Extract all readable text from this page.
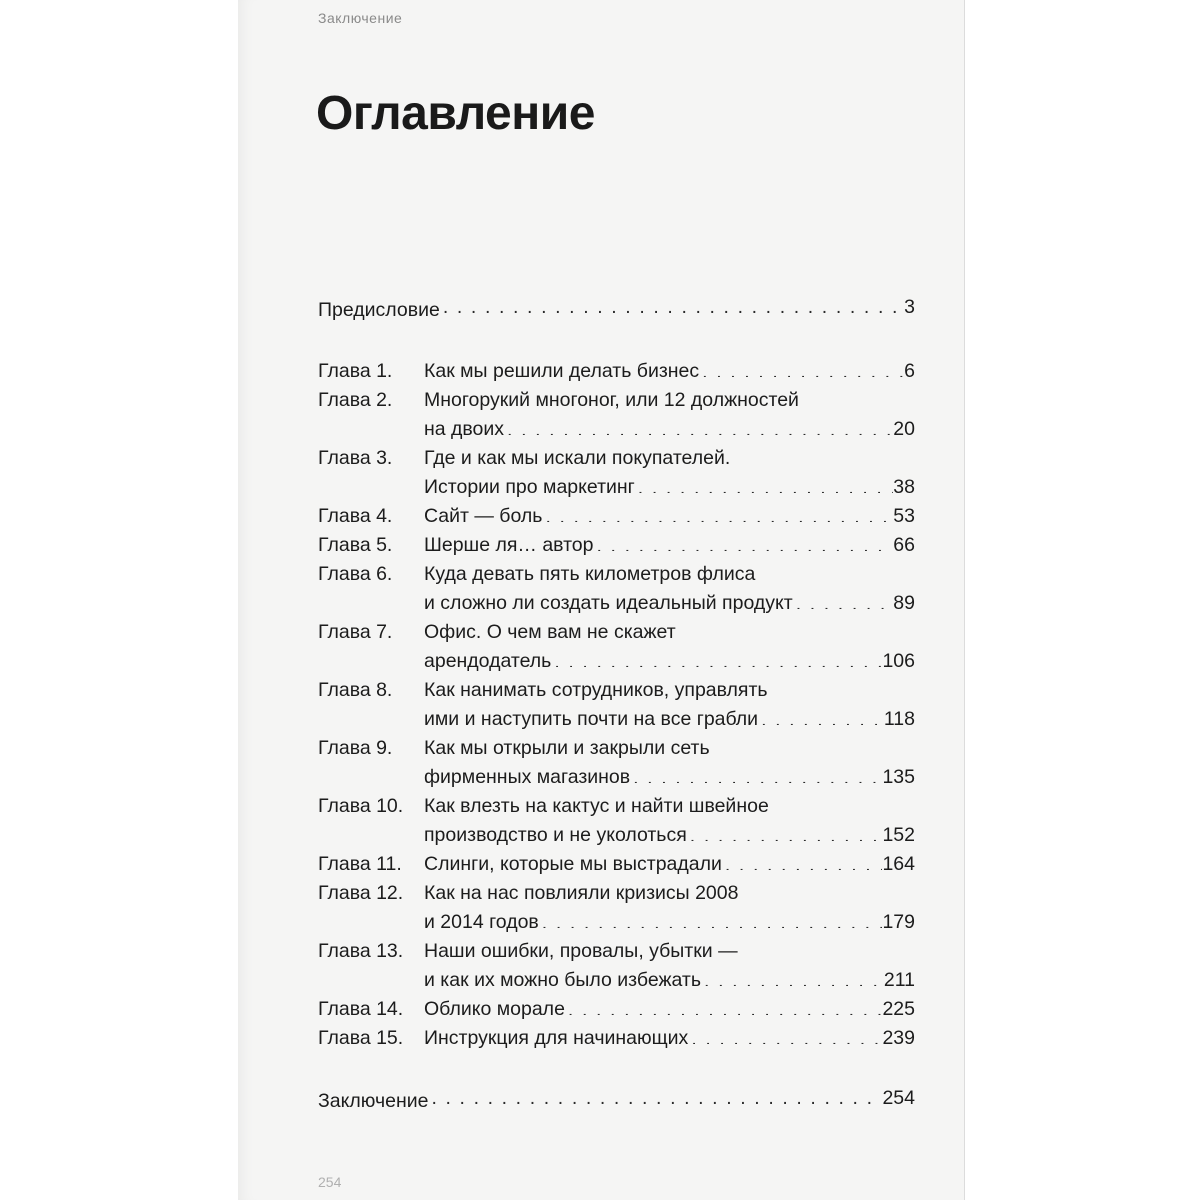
Заключение
Оглавление
Предисловие . . .	3
Глава 1.	Как мы решили делать бизнес . . .	6
Глава 2.	Многорукий многоног, или 12 должностей
на двоих . . .	20
Глава 3.	Где и как мы искали покупателей.
Истории про маркетинг . . .	38
Глава 4.	Сайт — боль . . .	53
Глава 5.	Шерше ля… автор . . .	66
Глава 6.	Куда девать пять километров флиса
и сложно ли создать идеальный продукт . . .	89
Глава 7.	Офис. О чем вам не скажет
арендодатель . . .	106
Глава 8.	Как нанимать сотрудников, управлять
ими и наступить почти на все грабли . . .	118
Глава 9.	Как мы открыли и закрыли сеть
фирменных магазинов . . .	135
Глава 10.	Как влезть на кактус и найти швейное
производство и не уколоться . . .	152
Глава 11.	Слинги, которые мы выстрадали . . .	164
Глава 12.	Как на нас повлияли кризисы 2008
и 2014 годов . . .	179
Глава 13.	Наши ошибки, провалы, убытки —
и как их можно было избежать . . .	211
Глава 14.	Облико морале . . .	225
Глава 15.	Инструкция для начинающих . . .	239
Заключение . . .	254
254
